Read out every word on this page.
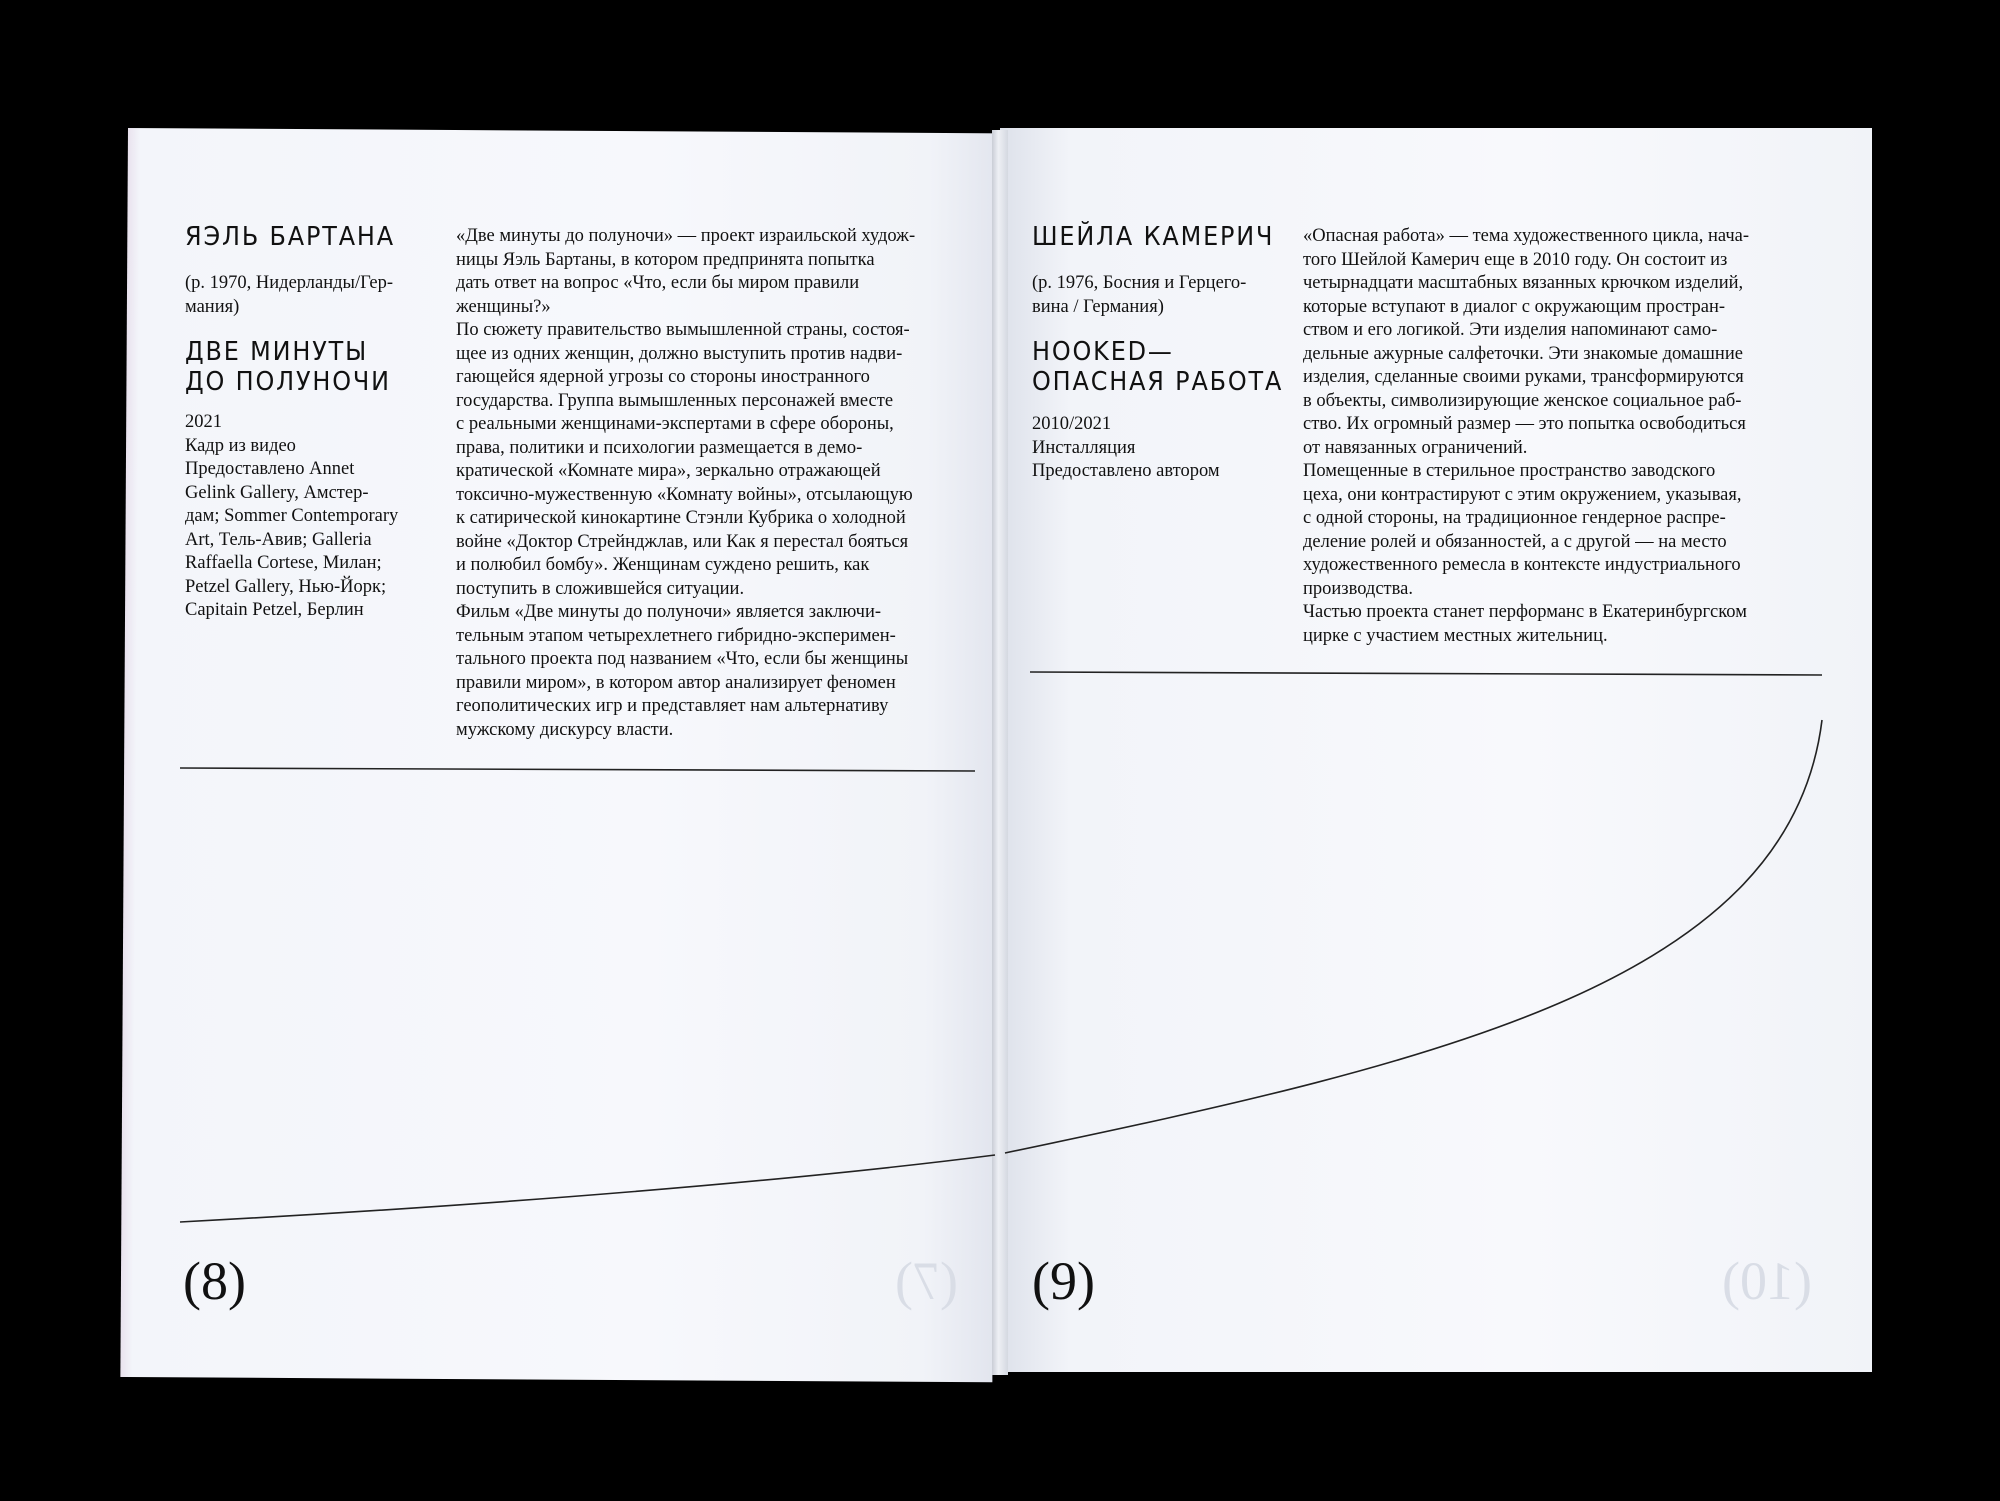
ЯЭЛЬ БАРТАНА
(р. 1970, Нидерланды/Гер-
мания)
ДВЕ МИНУТЫ
ДО ПОЛУНОЧИ
2021
Кадр из видео
Предоставлено Annet
Gelink Gallery, Амстер-
дам; Sommer Contemporary
Art, Тель-Авив; Galleria
Raffaella Cortese, Милан;
Petzel Gallery, Нью-Йорк;
Capitain Petzel, Берлин
«Две минуты до полуночи» — проект израильской худож-
ницы Яэль Бартаны, в котором предпринята попытка
дать ответ на вопрос «Что, если бы миром правили
женщины?»
По сюжету правительство вымышленной страны, состоя-
щее из одних женщин, должно выступить против надви-
гающейся ядерной угрозы со стороны иностранного
государства. Группа вымышленных персонажей вместе
с реальными женщинами-экспертами в сфере обороны,
права, политики и психологии размещается в демо-
кратической «Комнате мира», зеркально отражающей
токсично-мужественную «Комнату войны», отсылающую
к сатирической кинокартине Стэнли Кубрика о холодной
войне «Доктор Стрейнджлав, или Как я перестал бояться
и полюбил бомбу». Женщинам суждено решить, как
поступить в сложившейся ситуации.
Фильм «Две минуты до полуночи» является заключи-
тельным этапом четырехлетнего гибридно-эксперимен-
тального проекта под названием «Что, если бы женщины
правили миром», в котором автор анализирует феномен
геополитических игр и представляет нам альтернативу
мужскому дискурсу власти.
(7)
(8)
ШЕЙЛА КАМЕРИЧ
(р. 1976, Босния и Герцего-
вина / Германия)
HOOKED—
ОПАСНАЯ РАБОТА
2010/2021
Инсталляция
Предоставлено автором
«Опасная работа» — тема художественного цикла, нача-
того Шейлой Камерич еще в 2010 году. Он состоит из
четырнадцати масштабных вязанных крючком изделий,
которые вступают в диалог с окружающим простран-
ством и его логикой. Эти изделия напоминают само-
дельные ажурные салфеточки. Эти знакомые домашние
изделия, сделанные своими руками, трансформируются
в объекты, символизирующие женское социальное раб-
ство. Их огромный размер — это попытка освободиться
от навязанных ограничений.
Помещенные в стерильное пространство заводского
цеха, они контрастируют с этим окружением, указывая,
с одной стороны, на традиционное гендерное распре-
деление ролей и обязанностей, а с другой — на место
художественного ремесла в контексте индустриального
производства.
Частью проекта станет перформанс в Екатеринбургском
цирке с участием местных жительниц.
(10)
(9)
